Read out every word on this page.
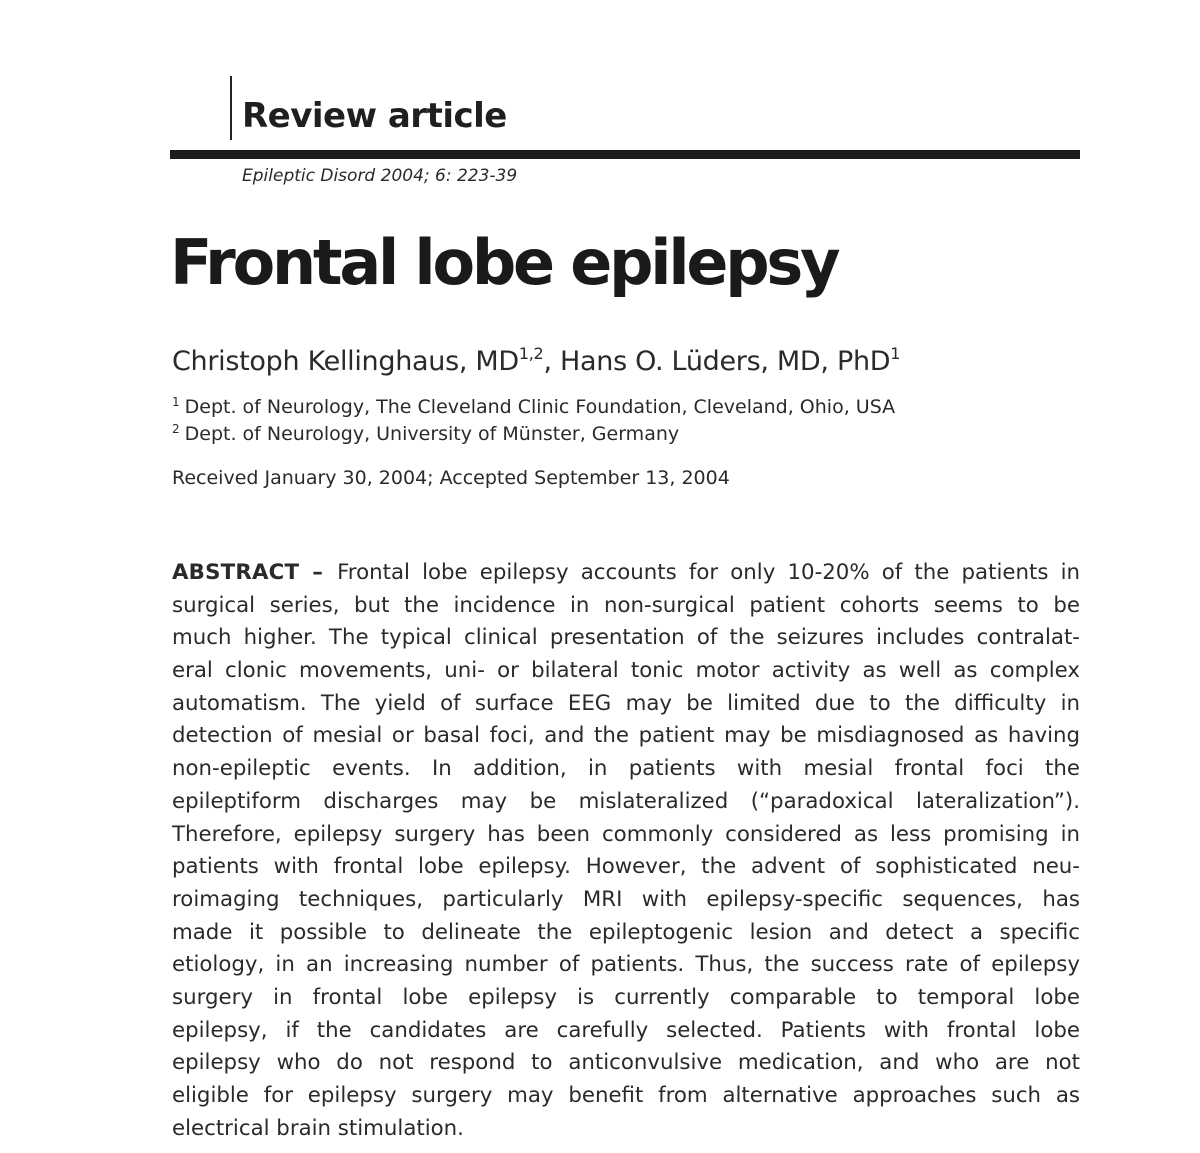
Review article
Epileptic Disord 2004; 6: 223-39
Frontal lobe epilepsy
Christoph Kellinghaus, MD$^{1,2}$, Hans O. Lüders, MD, PhD$^1$
$^1$ Dept. of Neurology, The Cleveland Clinic Foundation, Cleveland, Ohio, USA
$^2$ Dept. of Neurology, University of Münster, Germany
Received January 30, 2004; Accepted September 13, 2004
ABSTRACT – Frontal lobe epilepsy accounts for only 10-20% of the patients in
surgical series, but the incidence in non-surgical patient cohorts seems to be
much higher. The typical clinical presentation of the seizures includes contralat-
eral clonic movements, uni- or bilateral tonic motor activity as well as complex
automatism. The yield of surface EEG may be limited due to the difficulty in
detection of mesial or basal foci, and the patient may be misdiagnosed as having
non-epileptic events. In addition, in patients with mesial frontal foci the
epileptiform discharges may be mislateralized (“paradoxical lateralization”).
Therefore, epilepsy surgery has been commonly considered as less promising in
patients with frontal lobe epilepsy. However, the advent of sophisticated neu-
roimaging techniques, particularly MRI with epilepsy-specific sequences, has
made it possible to delineate the epileptogenic lesion and detect a specific
etiology, in an increasing number of patients. Thus, the success rate of epilepsy
surgery in frontal lobe epilepsy is currently comparable to temporal lobe
epilepsy, if the candidates are carefully selected. Patients with frontal lobe
epilepsy who do not respond to anticonvulsive medication, and who are not
eligible for epilepsy surgery may benefit from alternative approaches such as
electrical brain stimulation.
